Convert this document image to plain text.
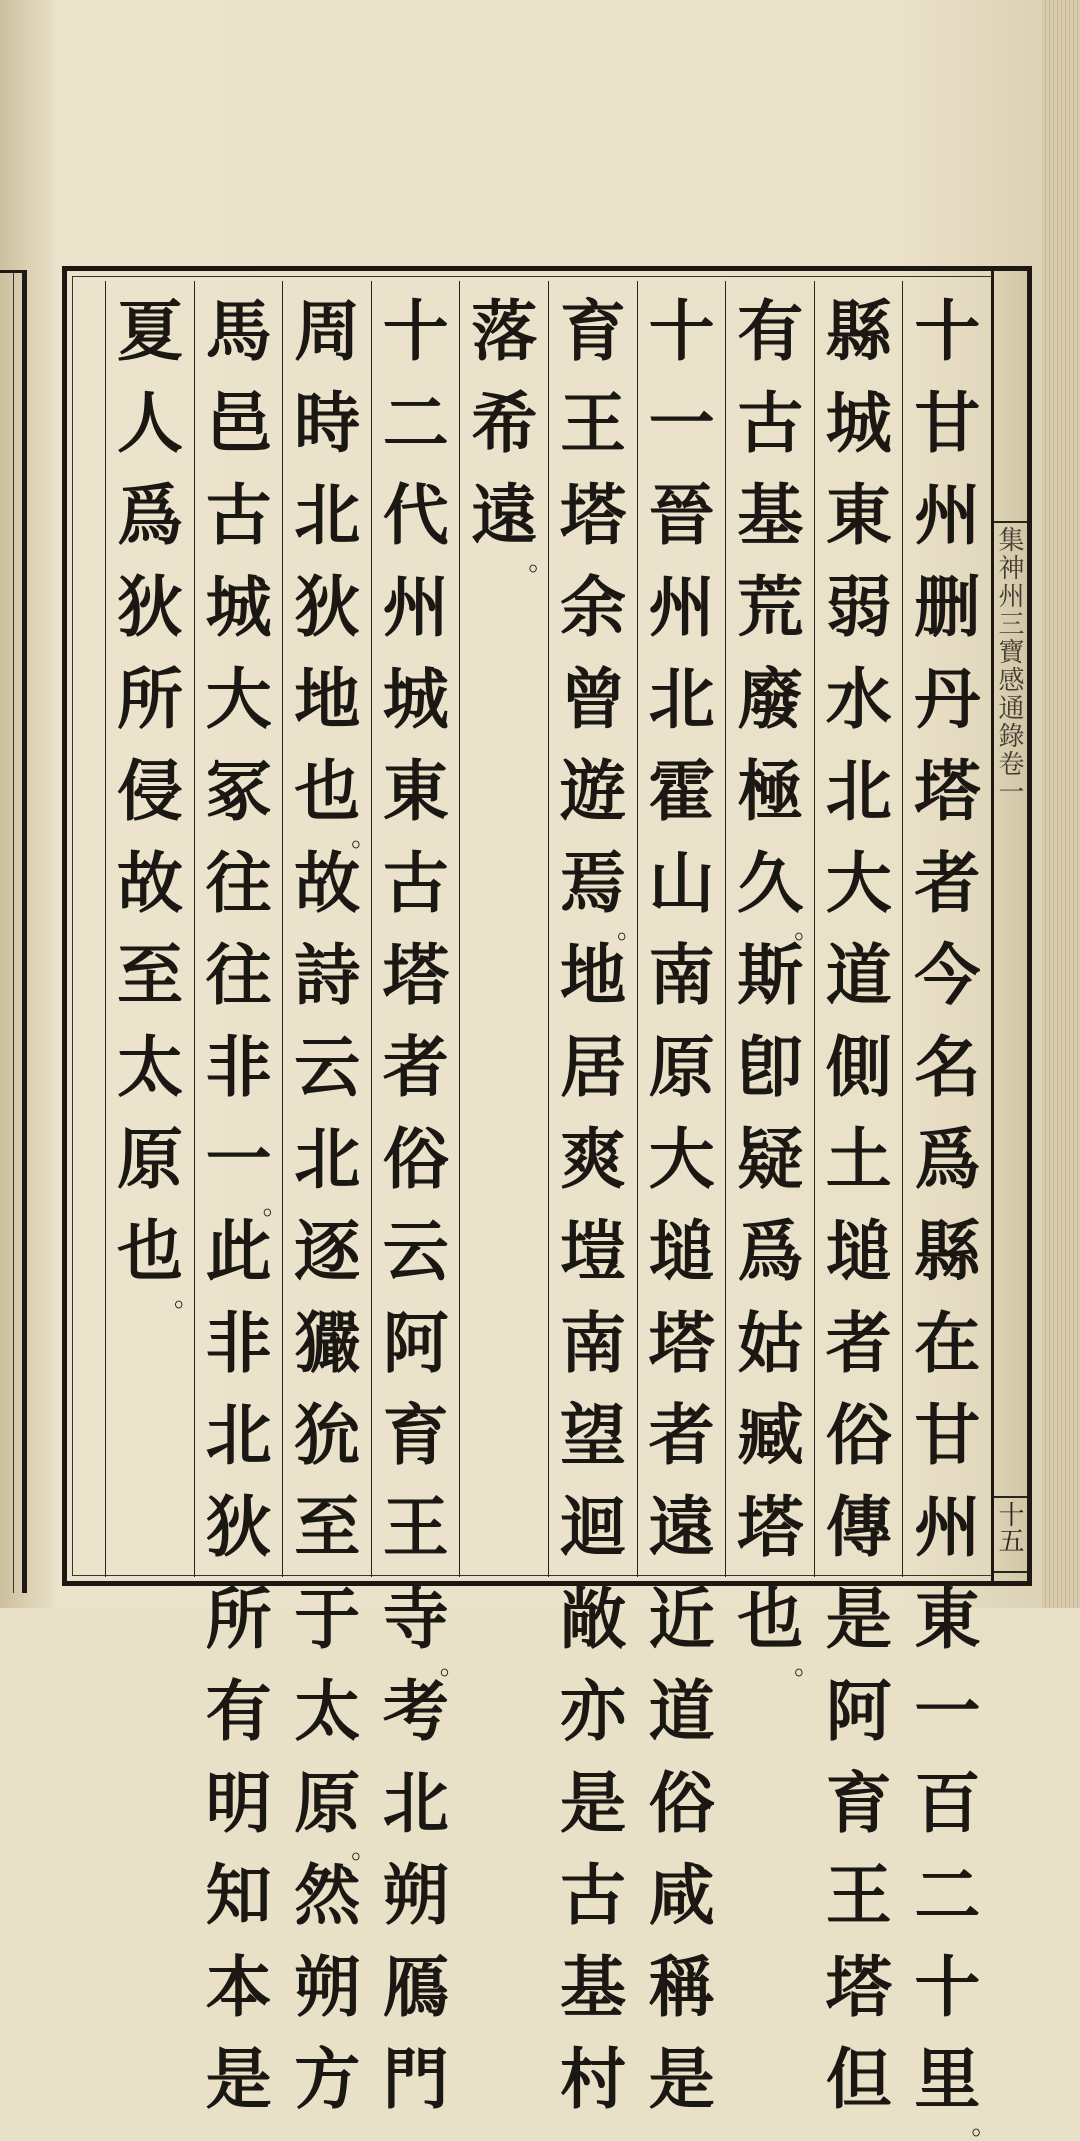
十
甘
州
删
丹
塔
者
今
名
爲
縣
在
甘
州
東
一
百
二
十
里
。
縣
城
東
弱
水
北
大
道
側
土
塠
者
俗
傳
是
阿
育
王
塔
但
有
古
基
荒
廢
極
久
。
斯
卽
疑
爲
姑
臧
塔
也
。
十
一
晉
州
北
霍
山
南
原
大
塠
塔
者
遠
近
道
俗
咸
稱
是
育
王
塔
余
曾
遊
焉
。
地
居
爽
塏
南
望
迴
敞
亦
是
古
基
村
落
希
遠
。
十
二
代
州
城
東
古
塔
者
俗
云
阿
育
王
寺
。
考
北
朔
鴈
門
周
時
北
狄
地
也
。
故
詩
云
北
逐
玁
狁
至
于
太
原
。
然
朔
方
馬
邑
古
城
大
冢
往
往
非
一
。
此
非
北
狄
所
有
明
知
本
是
夏
人
爲
狄
所
侵
故
至
太
原
也
。
集神州三寶感通錄卷一
十五
